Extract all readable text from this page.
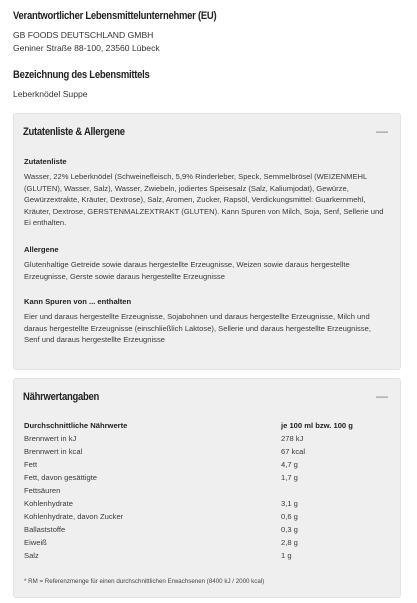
Verantwortlicher Lebensmittelunternehmer (EU)
GB FOODS DEUTSCHLAND GMBH
Geniner Straße 88-100, 23560 Lübeck
Bezeichnung des Lebensmittels
Leberknödel Suppe
Zutatenliste & Allergene	—
Zutatenliste
Wasser, 22% Leberknödel (Schweinefleisch, 5,9% Rinderleber, Speck, Semmelbrösel (WEIZENMEHL
(GLUTEN), Wasser, Salz), Wasser, Zwiebeln, jodiertes Speisesalz (Salz, Kaliumjodat), Gewürze,
Gewürzextrakte, Kräuter, Dextrose), Salz, Aromen, Zucker, Rapsöl, Verdickungsmittel: Guarkernmehl,
Kräuter, Dextrose, GERSTENMALZEXTRAKT (GLUTEN). Kann Spuren von Milch, Soja, Senf, Sellerie und
Ei enthalten.
Allergene
Glutenhaltige Getreide sowie daraus hergestellte Erzeugnisse, Weizen sowie daraus hergestellte
Erzeugnisse, Gerste sowie daraus hergestellte Erzeugnisse
Kann Spuren von ... enthalten
Eier und daraus hergestellte Erzeugnisse, Sojabohnen und daraus hergestellte Erzeugnisse, Milch und
daraus hergestellte Erzeugnisse (einschließlich Laktose), Sellerie und daraus hergestellte Erzeugnisse,
Senf und daraus hergestellte Erzeugnisse
Nährwertangaben	—
Durchschnittliche Nährwerte	je 100 ml bzw. 100 g
Brennwert in kJ	278 kJ
Brennwert in kcal	67 kcal
Fett	4,7 g
Fett, davon gesättigte	1,7 g
Fettsäuren
Kohlenhydrate	3,1 g
Kohlenhydrate, davon Zucker	0,6 g
Ballaststoffe	0,3 g
Eiweiß	2,8 g
Salz	1 g
* RM = Referenzmenge für einen durchschnittlichen Erwachsenen (8400 kJ / 2000 kcal)
